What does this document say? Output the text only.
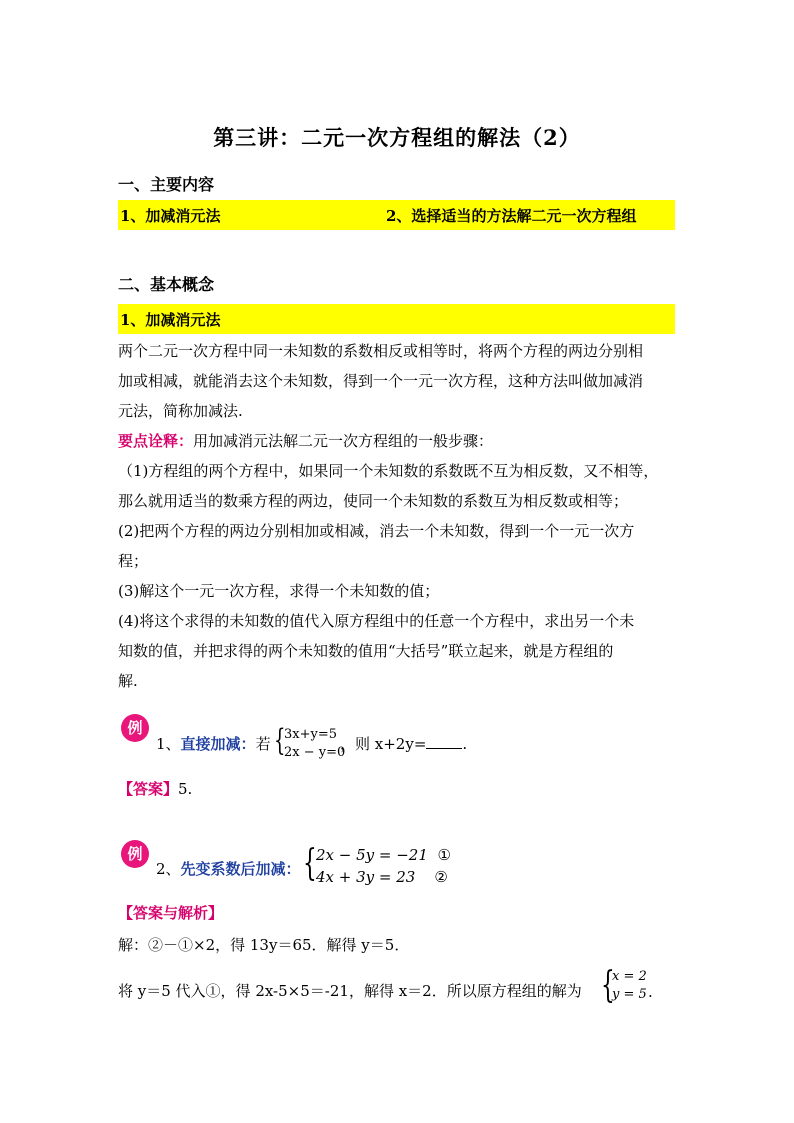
第三讲：二元一次方程组的解法（2）
一、主要内容
1、加减消元法	2、选择适当的方法解二元一次方程组
二、基本概念
1、加减消元法
两个二元一次方程中同一未知数的系数相反或相等时，将两个方程的两边分别相
加或相减，就能消去这个未知数，得到一个一元一次方程，这种方法叫做加减消
元法，简称加减法.
要点诠释：用加减消元法解二元一次方程组的一般步骤：
（1)方程组的两个方程中，如果同一个未知数的系数既不互为相反数，又不相等，
那么就用适当的数乘方程的两边，使同一个未知数的系数互为相反数或相等；
(2)把两个方程的两边分别相加或相减，消去一个未知数，得到一个一元一次方
程；
(3)解这个一元一次方程，求得一个未知数的值；
(4)将这个求得的未知数的值代入原方程组中的任意一个方程中，求出另一个未
知数的值，并把求得的两个未知数的值用“大括号”联立起来，就是方程组的
解.
例
1、直接加减：若 {
3x+y=5
2x − y=0
，则 x+2y= .
【答案】5.
例
2、先变系数后加减： { 2x − 5y = −21 ①
4x + 3y = 23 ②
【答案与解析】
解：②－①×2，得 13y＝65．解得 y＝5．
将 y＝5 代入①，得 2x-5×5＝-21，解得 x＝2．所以原方程组的解为 {
x = 2
y = 5 .
